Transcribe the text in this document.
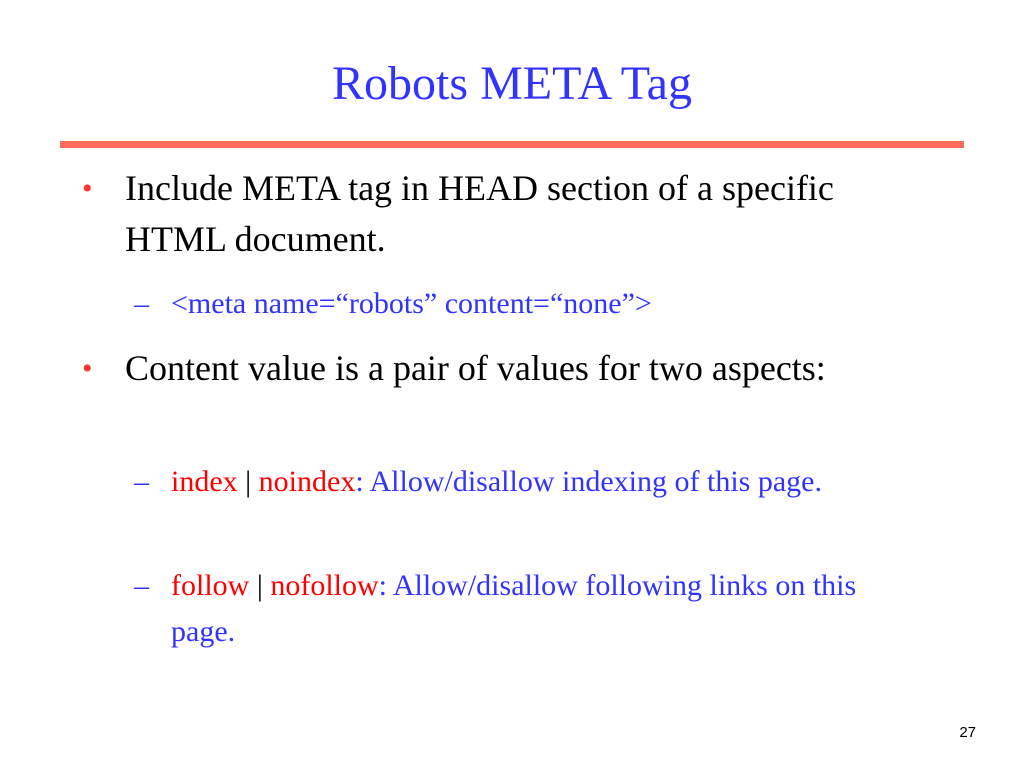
Robots META Tag
• Include META tag in HEAD section of a specific HTML document.
– <meta name=“robots” content=“none”>
• Content value is a pair of values for two aspects:
– index | noindex: Allow/disallow indexing of this page.
– follow | nofollow: Allow/disallow following links on this page.
27
